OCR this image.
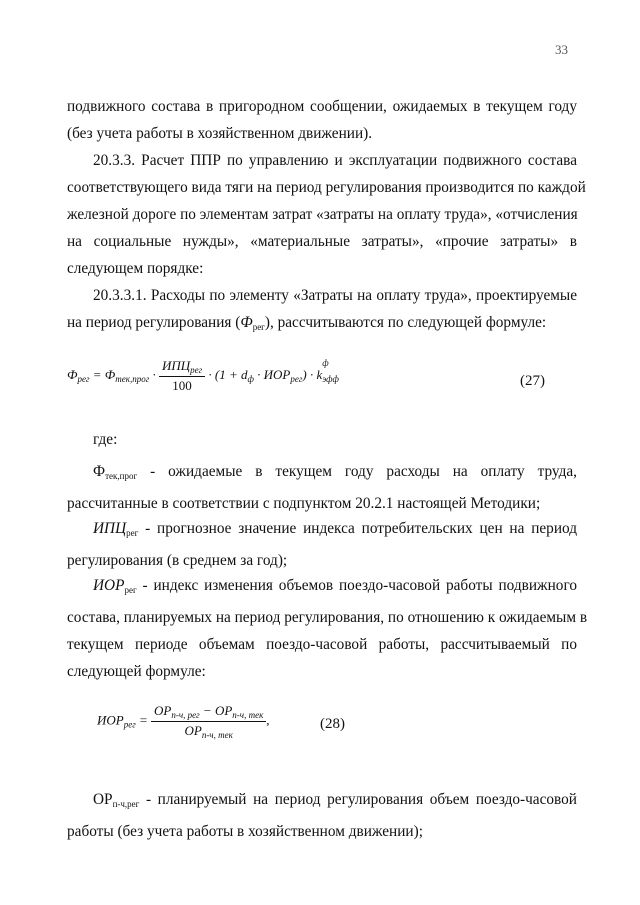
33
подвижного состава в пригородном сообщении, ожидаемых в текущем году
(без учета работы в хозяйственном движении).
20.3.3. Расчет ППР по управлению и эксплуатации подвижного состава
соответствующего вида тяги на период регулирования производится по каждой
железной дороге по элементам затрат «затраты на оплату труда», «отчисления
на социальные нужды», «материальные затраты», «прочие затраты» в
следующем порядке:
20.3.3.1. Расходы по элементу «Затраты на оплату труда», проектируемые
на период регулирования $(Ф_{рег})$, рассчитываются по следующей формуле:
$Ф_{рег} = Ф_{тек,прог} \cdot \frac{ИПЦ_{рег}}{100} \cdot (1 + d_ф \cdot ИОР_{рег}) \cdot k$
ф
$_{эфф}$	(27)
где:
$Ф_{тек,прог}$ - ожидаемые в текущем году расходы на оплату труда,
рассчитанные в соответствии с подпунктом 20.2.1 настоящей Методики;
$ИПЦ_{рег}$ - прогнозное значение индекса потребительских цен на период
регулирования (в среднем за год);
$ИОР_{рег}$ - индекс изменения объемов поездо-часовой работы подвижного
состава, планируемых на период регулирования, по отношению к ожидаемым в
текущем периоде объемам поездо-часовой работы, рассчитываемый по
следующей формуле:
$ИОР_{рег} = \frac{ОР_{п-ч, рег} - ОР_{п-ч, тек}}{ОР_{п-ч, тек}}$ ,	(28)
$ОР_{п-ч,рег}$ - планируемый на период регулирования объем поездо-часовой
работы (без учета работы в хозяйственном движении);
